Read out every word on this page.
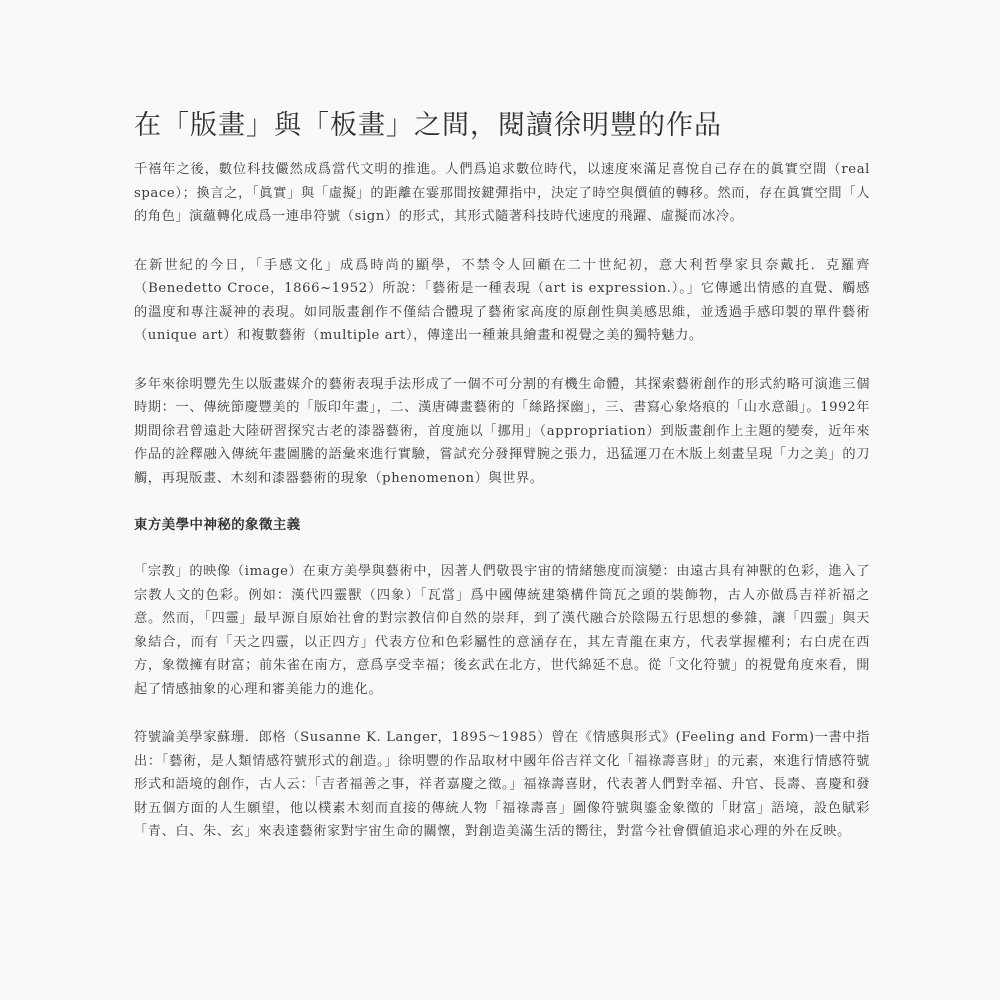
在「版畫」與「板畫」之間，閱讀徐明豐的作品

千禧年之後，數位科技儼然成爲當代文明的推進。人們爲追求數位時代，以速度來滿足喜悅自己存在的眞實空間（real space）；換言之，「眞實」與「虛擬」的距離在霎那間按鍵彈指中，決定了時空與價値的轉移。然而，存在眞實空間「人的角色」演蘊轉化成爲一連串符號（sign）的形式，其形式隨著科技時代速度的飛躍、虛擬而冰冷。

在新世紀的今日，「手感文化」成爲時尚的顯學，不禁令人回顧在二十世紀初，意大利哲學家貝奈戴托．克羅齊（Benedetto Croce，1866~1952）所說：「藝術是一種表現（art is expression.）。」它傳遞出情感的直覺、觸感的溫度和專注凝神的表現。如同版畫創作不僅結合體現了藝術家高度的原創性與美感思維，並透過手感印製的單件藝術（unique art）和複數藝術（multiple art），傳達出一種兼具繪畫和視覺之美的獨特魅力。

多年來徐明豐先生以版畫媒介的藝術表現手法形成了一個不可分割的有機生命體，其探索藝術創作的形式約略可演進三個時期：一、傳統節慶豐美的「版印年畫」，二、漢唐磚畫藝術的「絲路探幽」，三、書寫心象烙痕的「山水意韻」。1992年期間徐君曾遠赴大陸研習探究古老的漆器藝術，首度施以「挪用」（appropriation）到版畫創作上主題的變奏，近年來作品的詮釋融入傳統年畫圖騰的語彙來進行實驗，嘗試充分發揮臂腕之張力，迅猛運刀在木版上刻畫呈現「力之美」的刀觸，再現版畫、木刻和漆器藝術的現象（phenomenon）與世界。

東方美學中神秘的象徵主義

「宗教」的映像（image）在東方美學與藝術中，因著人們敬畏宇宙的情緒態度而演變：由遠古具有神獸的色彩，進入了宗教人文的色彩。例如：漢代四靈獸（四象）「瓦當」爲中國傳統建築構件筒瓦之頭的裝飾物，古人亦做爲吉祥祈福之意。然而，「四靈」最早源自原始社會的對宗教信仰自然的崇拜，到了漢代融合於陰陽五行思想的參雜，讓「四靈」與天象結合，而有「天之四靈，以正四方」代表方位和色彩屬性的意涵存在，其左青龍在東方，代表掌握權利；右白虎在西方，象徵擁有財富；前朱雀在南方，意爲享受幸福；後玄武在北方，世代綿延不息。從「文化符號」的視覺角度來看，開起了情感抽象的心理和審美能力的進化。

符號論美學家蘇珊．郎格（Susanne K. Langer，1895～1985）曾在《情感與形式》(Feeling and Form)一書中指出：「藝術，是人類情感符號形式的創造。」徐明豐的作品取材中國年俗吉祥文化「福祿壽喜財」的元素，來進行情感符號形式和語境的創作，古人云：「吉者福善之事，祥者嘉慶之徵。」福祿壽喜財，代表著人們對幸福、升官、長壽、喜慶和發財五個方面的人生願望，他以樸素木刻而直接的傳統人物「福祿壽喜」圖像符號與鎏金象徵的「財富」語境，設色賦彩「青、白、朱、玄」來表達藝術家對宇宙生命的關懷，對創造美滿生活的嚮往，對當今社會價値追求心理的外在反映。
